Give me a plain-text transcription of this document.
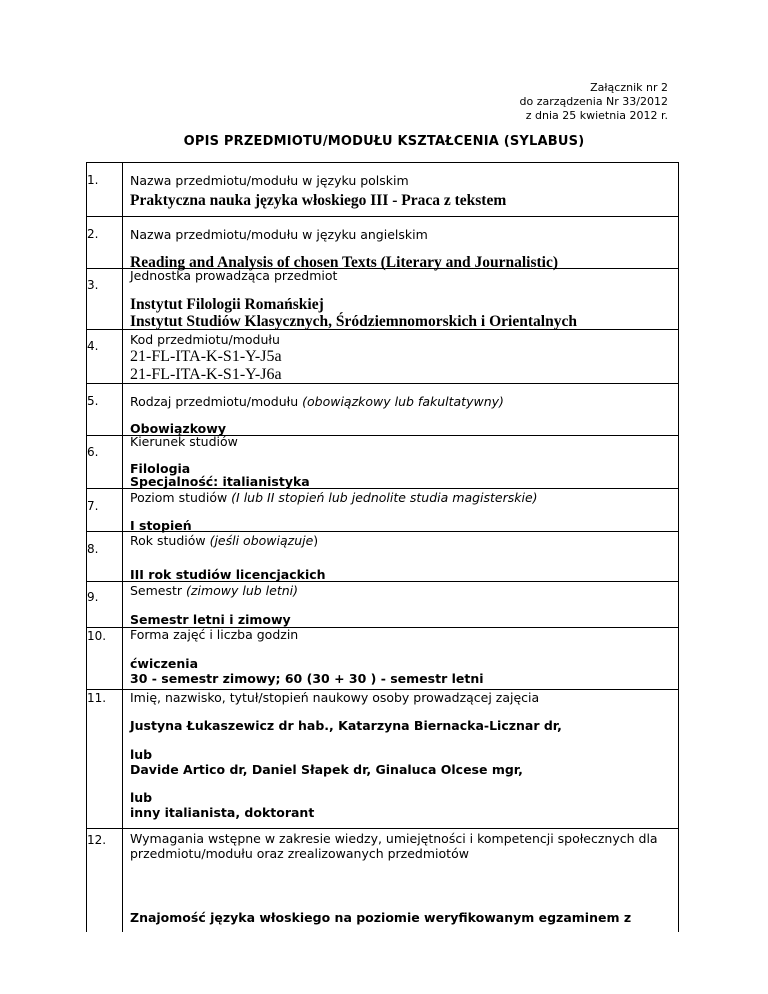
Załącznik nr 2
do zarządzenia Nr 33/2012
z dnia 25 kwietnia 2012 r.
OPIS PRZEDMIOTU/MODUŁU KSZTAŁCENIA (SYLABUS)
1.	Nazwa przedmiotu/modułu w języku polskim
Praktyczna nauka języka włoskiego III - Praca z tekstem
2.	Nazwa przedmiotu/modułu w języku angielskim
Reading and Analysis of chosen Texts (Literary and Journalistic)
3.
Jednostka prowadząca przedmiot
Instytut Filologii Romańskiej
Instytut Studiów Klasycznych, Śródziemnomorskich i Orientalnych
4.	Kod przedmiotu/modułu
21-FL-ITA-K-S1-Y-J5a
21-FL-ITA-K-S1-Y-J6a
5.	Rodzaj przedmiotu/modułu (obowiązkowy lub fakultatywny)
Obowiązkowy
6.
Kierunek studiów
Filologia
Specjalność: italianistyka
7.
Poziom studiów (I lub II stopień lub jednolite studia magisterskie)
I stopień
8.
Rok studiów (jeśli obowiązuje)
III rok studiów licencjackich
9.	Semestr (zimowy lub letni)
Semestr letni i zimowy
10.	Forma zajęć i liczba godzin
ćwiczenia
30 - semestr zimowy; 60 (30 + 30 ) - semestr letni
11.	Imię, nazwisko, tytuł/stopień naukowy osoby prowadzącej zajęcia
Justyna Łukaszewicz dr hab., Katarzyna Biernacka-Licznar dr,
lub
Davide Artico dr, Daniel Słapek dr, Ginaluca Olcese mgr,
lub
inny italianista, doktorant
12.	Wymagania wstępne w zakresie wiedzy, umiejętności i kompetencji społecznych dla przedmiotu/modułu oraz zrealizowanych przedmiotów
Znajomość języka włoskiego na poziomie weryfikowanym egzaminem z
